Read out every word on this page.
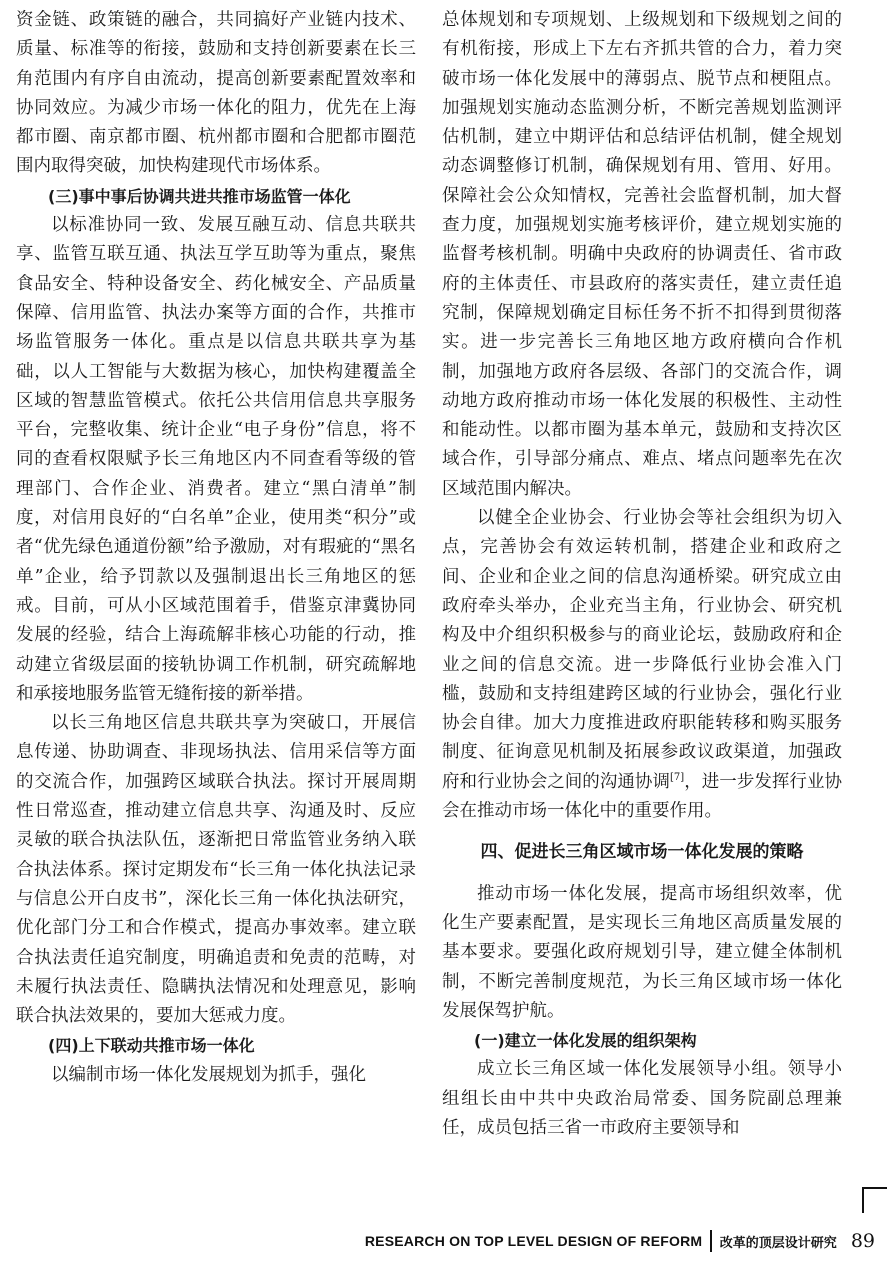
资金链、政策链的融合，共同搞好产业链内技术、质量、标准等的衔接，鼓励和支持创新要素在长三角范围内有序自由流动，提高创新要素配置效率和协同效应。为减少市场一体化的阻力，优先在上海都市圈、南京都市圈、杭州都市圈和合肥都市圈范围内取得突破，加快构建现代市场体系。

(三)事中事后协调共进共推市场监管一体化

以标准协同一致、发展互融互动、信息共联共享、监管互联互通、执法互学互助等为重点，聚焦食品安全、特种设备安全、药化械安全、产品质量保障、信用监管、执法办案等方面的合作，共推市场监管服务一体化。重点是以信息共联共享为基础，以人工智能与大数据为核心，加快构建覆盖全区域的智慧监管模式。依托公共信用信息共享服务平台，完整收集、统计企业“电子身份”信息，将不同的查看权限赋予长三角地区内不同查看等级的管理部门、合作企业、消费者。建立“黑白清单”制度，对信用良好的“白名单”企业，使用类“积分”或者“优先绿色通道份额”给予激励，对有瑕疵的“黑名单”企业，给予罚款以及强制退出长三角地区的惩戒。目前，可从小区域范围着手，借鉴京津冀协同发展的经验，结合上海疏解非核心功能的行动，推动建立省级层面的接轨协调工作机制，研究疏解地和承接地服务监管无缝衔接的新举措。

以长三角地区信息共联共享为突破口，开展信息传递、协助调查、非现场执法、信用采信等方面的交流合作，加强跨区域联合执法。探讨开展周期性日常巡查，推动建立信息共享、沟通及时、反应灵敏的联合执法队伍，逐渐把日常监管业务纳入联合执法体系。探讨定期发布“长三角一体化执法记录与信息公开白皮书”，深化长三角一体化执法研究，优化部门分工和合作模式，提高办事效率。建立联合执法责任追究制度，明确追责和免责的范畴，对未履行执法责任、隐瞒执法情况和处理意见，影响联合执法效果的，要加大惩戒力度。

(四)上下联动共推市场一体化

以编制市场一体化发展规划为抓手，强化

总体规划和专项规划、上级规划和下级规划之间的有机衔接，形成上下左右齐抓共管的合力，着力突破市场一体化发展中的薄弱点、脱节点和梗阻点。加强规划实施动态监测分析，不断完善规划监测评估机制，建立中期评估和总结评估机制，健全规划动态调整修订机制，确保规划有用、管用、好用。保障社会公众知情权，完善社会监督机制，加大督查力度，加强规划实施考核评价，建立规划实施的监督考核机制。明确中央政府的协调责任、省市政府的主体责任、市县政府的落实责任，建立责任追究制，保障规划确定目标任务不折不扣得到贯彻落实。进一步完善长三角地区地方政府横向合作机制，加强地方政府各层级、各部门的交流合作，调动地方政府推动市场一体化发展的积极性、主动性和能动性。以都市圈为基本单元，鼓励和支持次区域合作，引导部分痛点、难点、堵点问题率先在次区域范围内解决。

以健全企业协会、行业协会等社会组织为切入点，完善协会有效运转机制，搭建企业和政府之间、企业和企业之间的信息沟通桥梁。研究成立由政府牵头举办，企业充当主角，行业协会、研究机构及中介组织积极参与的商业论坛，鼓励政府和企业之间的信息交流。进一步降低行业协会准入门槛，鼓励和支持组建跨区域的行业协会，强化行业协会自律。加大力度推进政府职能转移和购买服务制度、征询意见机制及拓展参政议政渠道，加强政府和行业协会之间的沟通协调[7]，进一步发挥行业协会在推动市场一体化中的重要作用。

四、促进长三角区域市场一体化发展的策略

推动市场一体化发展，提高市场组织效率，优化生产要素配置，是实现长三角地区高质量发展的基本要求。要强化政府规划引导，建立健全体制机制，不断完善制度规范，为长三角区域市场一体化发展保驾护航。

(一)建立一体化发展的组织架构

成立长三角区域一体化发展领导小组。领导小组组长由中共中央政治局常委、国务院副总理兼任，成员包括三省一市政府主要领导和

RESEARCH ON TOP LEVEL DESIGN OF REFORM 改革的顶层设计研究 89
